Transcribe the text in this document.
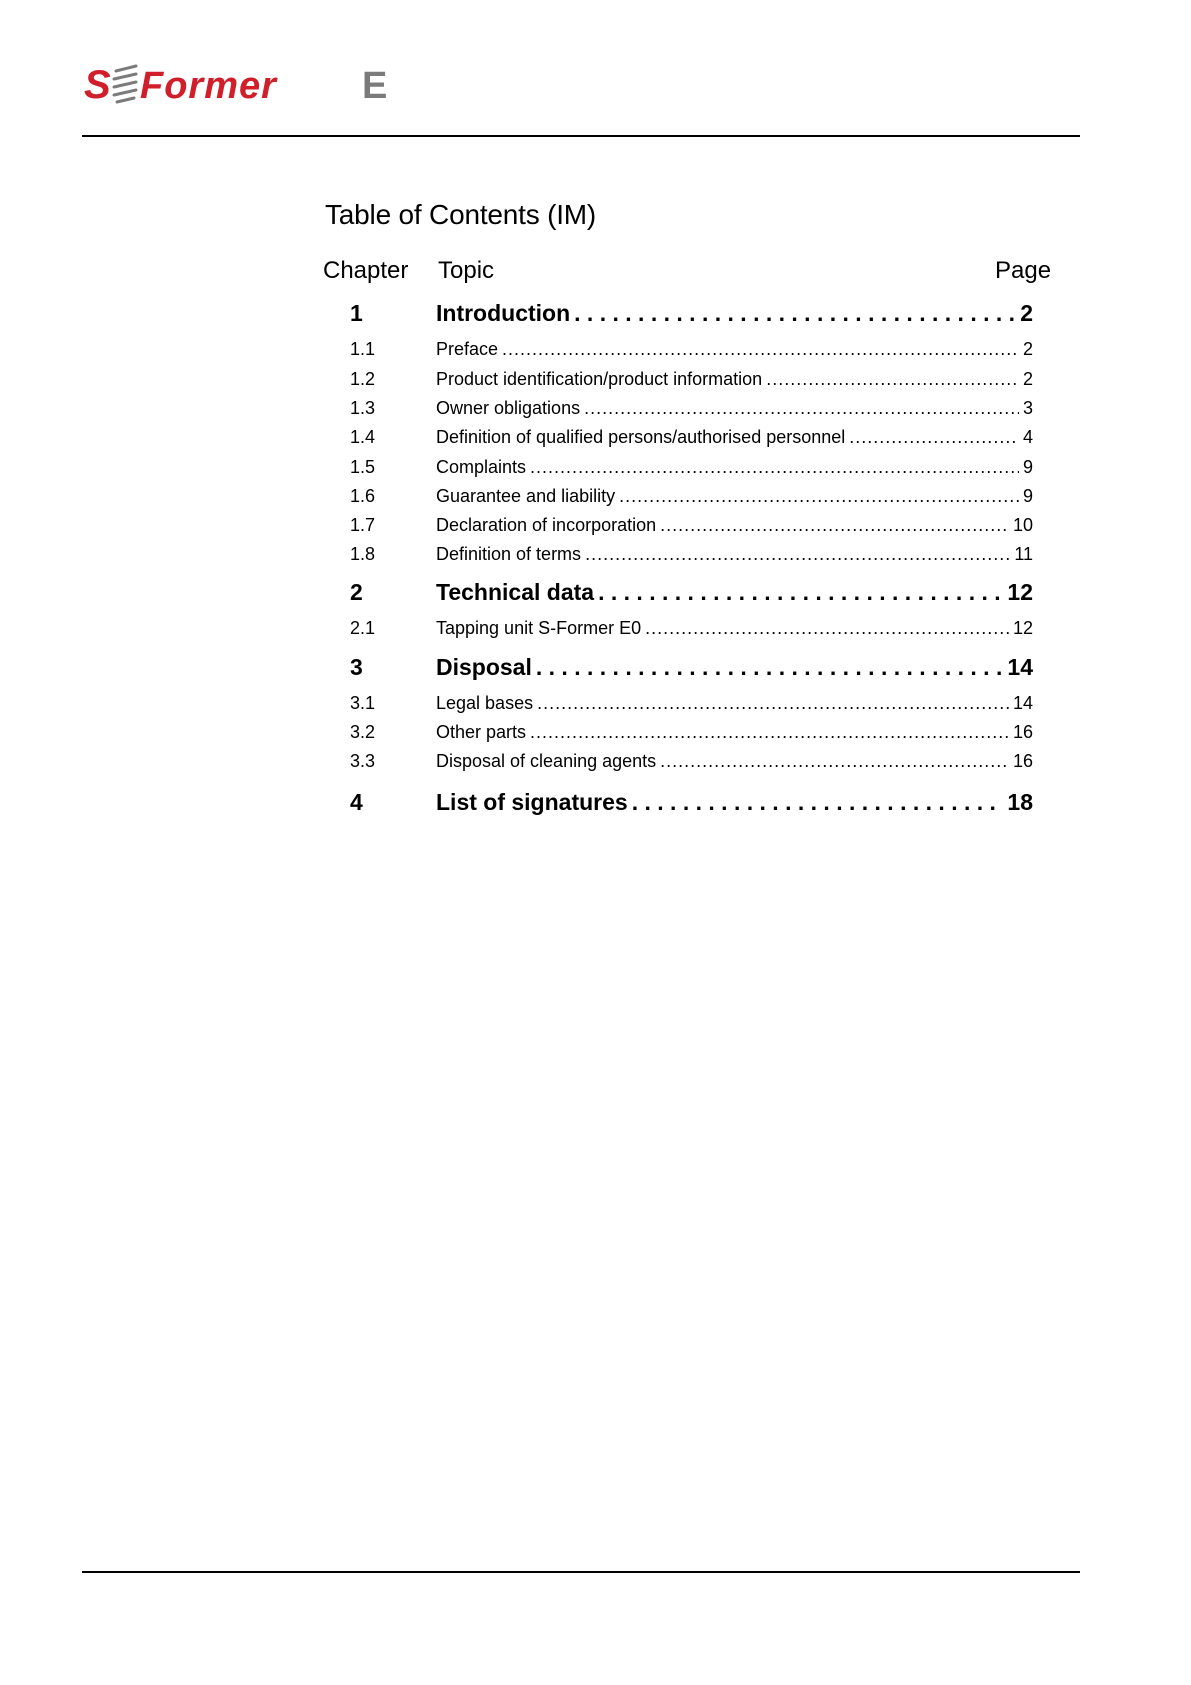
S Former E
Table of Contents (IM)
Chapter Topic	Page
1	Introduction . . .	2
1.1	Preface . . .	2
1.2	Product identification/product information . . .	2
1.3	Owner obligations . . .	3
1.4	Definition of qualified persons/authorised personnel . . .	4
1.5	Complaints . . .	9
1.6	Guarantee and liability . . .	9
1.7	Declaration of incorporation . . .	10
1.8	Definition of terms . . .	11
2	Technical data . . .	12
2.1	Tapping unit S-Former E0 . . .	12
3	Disposal . . .	14
3.1	Legal bases . . .	14
3.2	Other parts . . .	16
3.3	Disposal of cleaning agents . . .	16
4	List of signatures . . .	18
